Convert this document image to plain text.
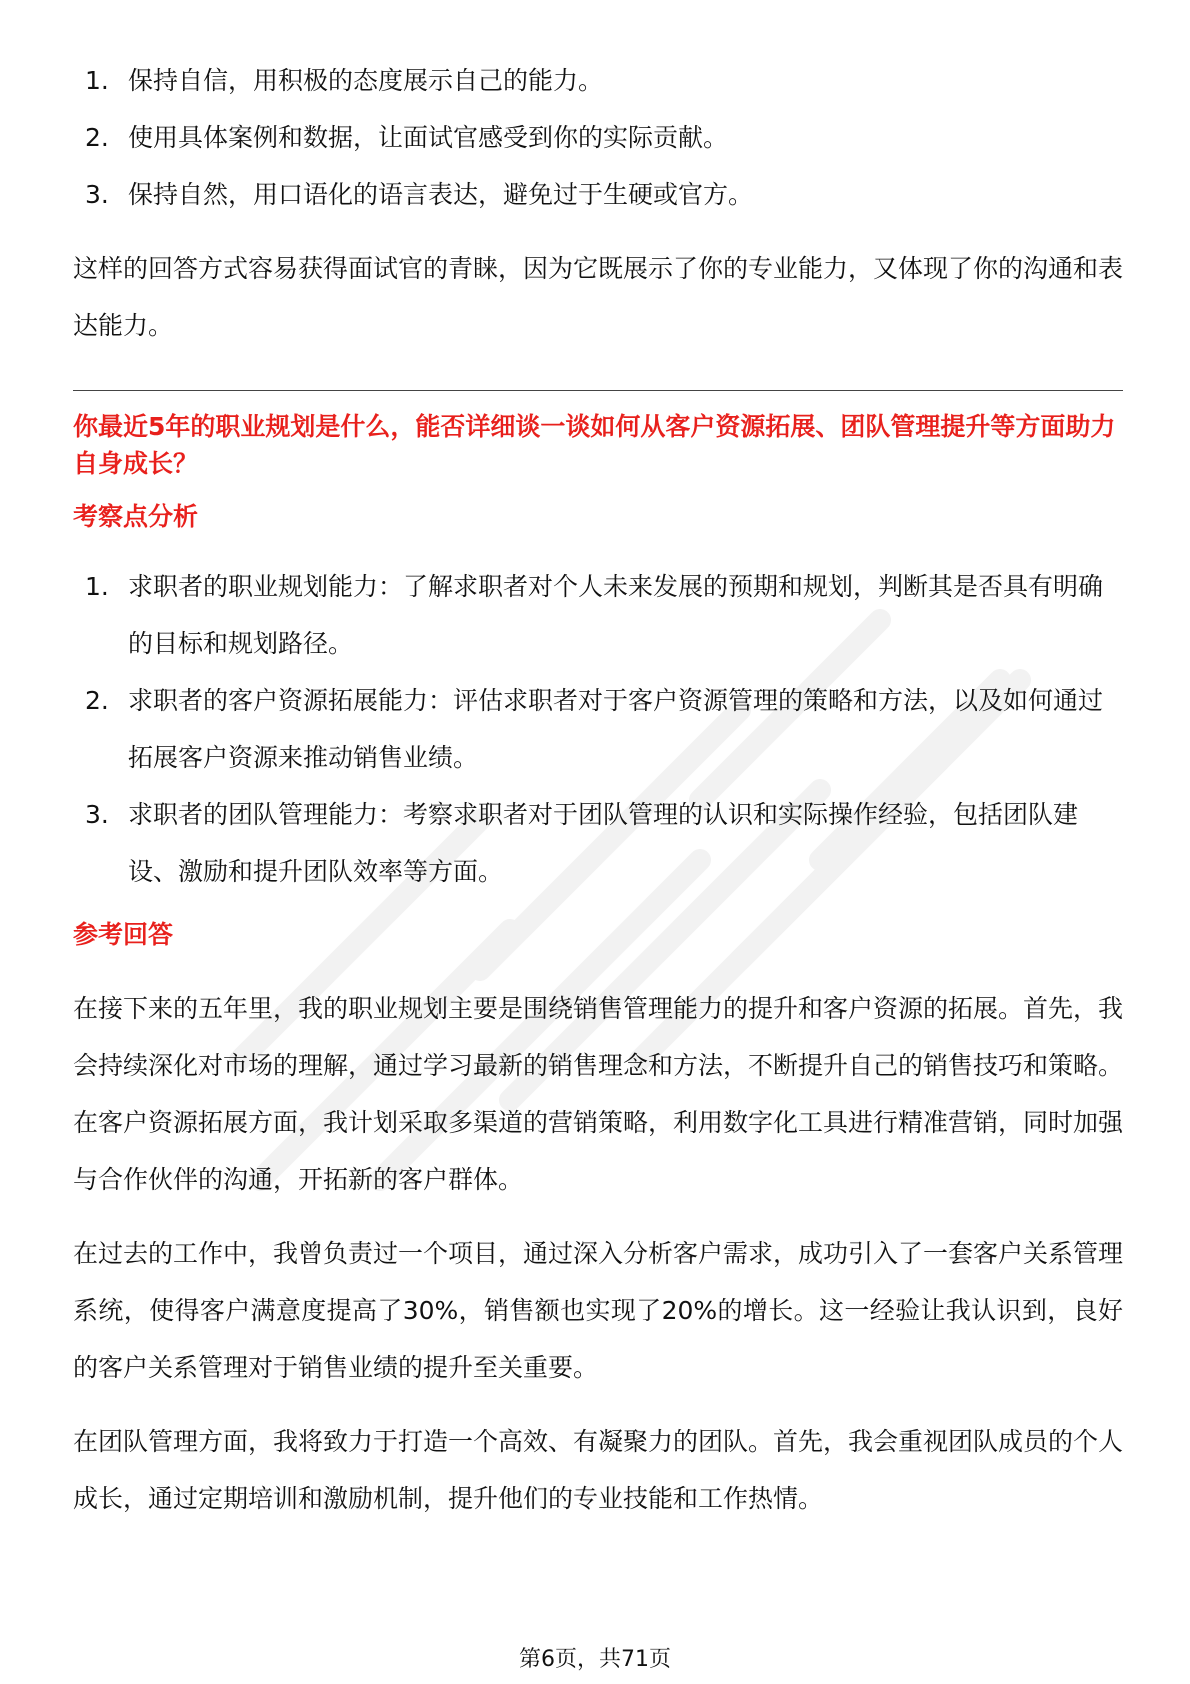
1. 保持自信，用积极的态度展示自己的能力。
2. 使用具体案例和数据，让面试官感受到你的实际贡献。
3. 保持自然，用口语化的语言表达，避免过于生硬或官方。

这样的回答方式容易获得面试官的青睐，因为它既展示了你的专业能力，又体现了你的沟通和表达能力。

你最近5年的职业规划是什么，能否详细谈一谈如何从客户资源拓展、团队管理提升等方面助力自身成长？
考察点分析
1. 求职者的职业规划能力：了解求职者对个人未来发展的预期和规划，判断其是否具有明确的目标和规划路径。
2. 求职者的客户资源拓展能力：评估求职者对于客户资源管理的策略和方法，以及如何通过拓展客户资源来推动销售业绩。
3. 求职者的团队管理能力：考察求职者对于团队管理的认识和实际操作经验，包括团队建设、激励和提升团队效率等方面。
参考回答

在接下来的五年里，我的职业规划主要是围绕销售管理能力的提升和客户资源的拓展。首先，我会持续深化对市场的理解，通过学习最新的销售理念和方法，不断提升自己的销售技巧和策略。在客户资源拓展方面，我计划采取多渠道的营销策略，利用数字化工具进行精准营销，同时加强与合作伙伴的沟通，开拓新的客户群体。

在过去的工作中，我曾负责过一个项目，通过深入分析客户需求，成功引入了一套客户关系管理系统，使得客户满意度提高了30%，销售额也实现了20%的增长。这一经验让我认识到，良好的客户关系管理对于销售业绩的提升至关重要。

在团队管理方面，我将致力于打造一个高效、有凝聚力的团队。首先，我会重视团队成员的个人成长，通过定期培训和激励机制，提升他们的专业技能和工作热情。

第6页，共71页
